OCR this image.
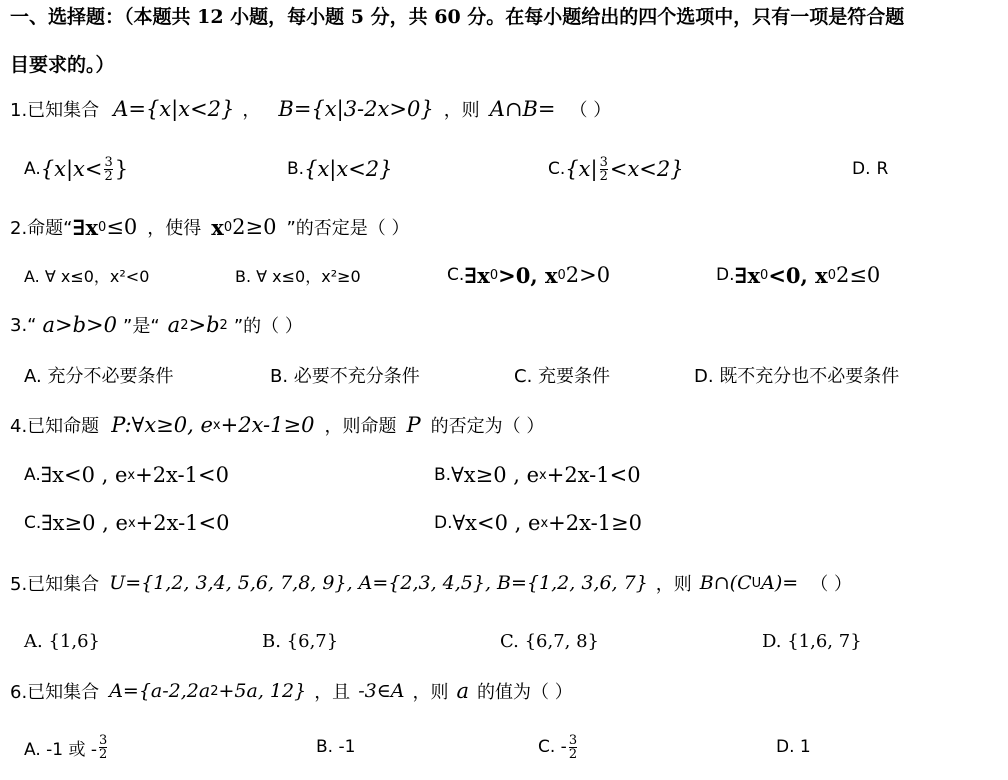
一、选择题：（本题共 12 小题，每小题 5 分，共 60 分。在每小题给出的四个选项中，只有一项是符合题
目要求的。）
1.已知集合 A={x|x<2} ， B={x|3-2x>0} ，则 A∩B= （ ）
A. {$x|x< \frac{3}{2}$ }	B. {x|x<2}	C. $\{x| \frac{3}{2} <x<2\}$	D. R
2.命题“ ∃x 0 ≤0 ，使得 x 0 2≥0 ”的否定是（ ）
A. ∀ x≤0，x²<0	B. ∀ x≤0，x²≥0	C. ∃x 0 >0, x 0 2>0	D. ∃x 0 <0, x 0 2≤0
3.“ a>b>0 ”是“ a 2 > b 2 ”的（ ）
A. 充分不必要条件	B. 必要不充分条件	C. 充要条件	D. 既不充分也不必要条件
4.已知命题 P:∀x≥0, e x +2x-1≥0 ，则命题 P 的否定为（ ）
A. ∃x<0 , e x +2x-1<0	B. ∀x≥0 , e x +2x-1<0
C. ∃x≥0 , e x +2x-1<0	D. ∀x<0 , e x +2x-1≥0
5.已知集合 U={1,2, 3,4, 5,6, 7,8, 9}, A={2,3, 4,5}, B={1,2, 3,6, 7} ，则 B∩(C U A)= （ ）
A. {1,6}	B. {6,7}	C. {6,7, 8}	D. {1,6, 7}
6.已知集合 A={a-2,2a 2 +5a, 12} ，且 -3∈A ，则 a 的值为（ ）
A. -1 或 - $\frac{3}{2}$	B. -1	C. - $\frac{3}{2}$	D. 1
